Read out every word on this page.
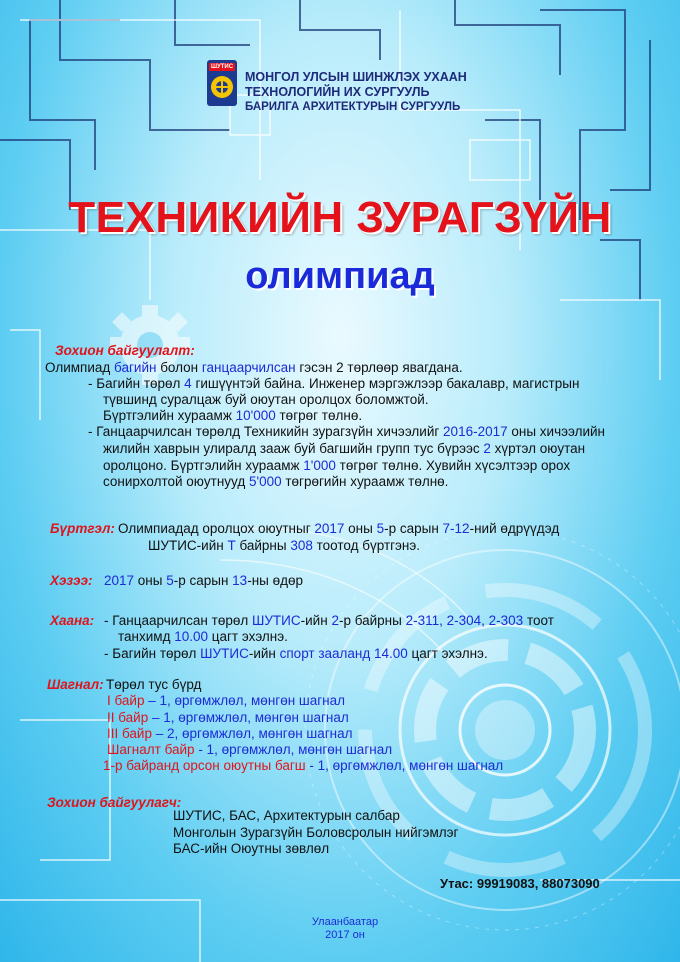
ШУТИС
МОНГОЛ УЛСЫН ШИНЖЛЭХ УХААН
ТЕХНОЛОГИЙН ИХ СУРГУУЛЬ
БАРИЛГА АРХИТЕКТУРЫН СУРГУУЛЬ
ТЕХНИКИЙН ЗУРАГЗҮЙН
олимпиад
Зохион байгуулалт:
Олимпиад багийн болон ганцаарчилсан гэсэн 2 төрлөөр явагдана.
- Багийн төрөл 4 гишүүнтэй байна. Инженер мэргэжлээр бакалавр, магистрын
түвшинд суралцаж буй оюутан оролцох боломжтой.
Бүртгэлийн хураамж 10'000 төгрөг төлнө.
- Ганцаарчилсан төрөлд Техникийн зурагзүйн хичээлийг 2016-2017 оны хичээлийн
жилийн хаврын улиралд зааж буй багшийн групп тус бүрээс 2 хүртэл оюутан
оролцоно. Бүртгэлийн хураамж 1'000 төгрөг төлнө. Хувийн хүсэлтээр орох
сонирхолтой оюутнууд 5'000 төгрөгийн хураамж төлнө.
Бүртгэл: Олимпиадад оролцох оюутныг 2017 оны 5-р сарын 7-12-ний өдрүүдэд
ШУТИС-ийн Т байрны 308 тоотод бүртгэнэ.
Хэзээ: 2017 оны 5-р сарын 13-ны өдөр
Хаана: - Ганцаарчилсан төрөл ШУТИС-ийн 2-р байрны 2-311, 2-304, 2-303 тоот
танхимд 10.00 цагт эхэлнэ.
- Багийн төрөл ШУТИС-ийн спорт зааланд 14.00 цагт эхэлнэ.
Шагнал: Төрөл тус бүрд
I байр – 1, өргөмжлөл, мөнгөн шагнал
II байр – 1, өргөмжлөл, мөнгөн шагнал
III байр – 2, өргөмжлөл, мөнгөн шагнал
Шагналт байр - 1, өргөмжлөл, мөнгөн шагнал
1-р байранд орсон оюутны багш - 1, өргөмжлөл, мөнгөн шагнал
Зохион байгуулагч:
ШУТИС, БАС, Архитектурын салбар
Монголын Зурагзүйн Боловсролын нийгэмлэг
БАС-ийн Оюутны зөвлөл
Утас: 99919083, 88073090
Улаанбаатар
2017 он
